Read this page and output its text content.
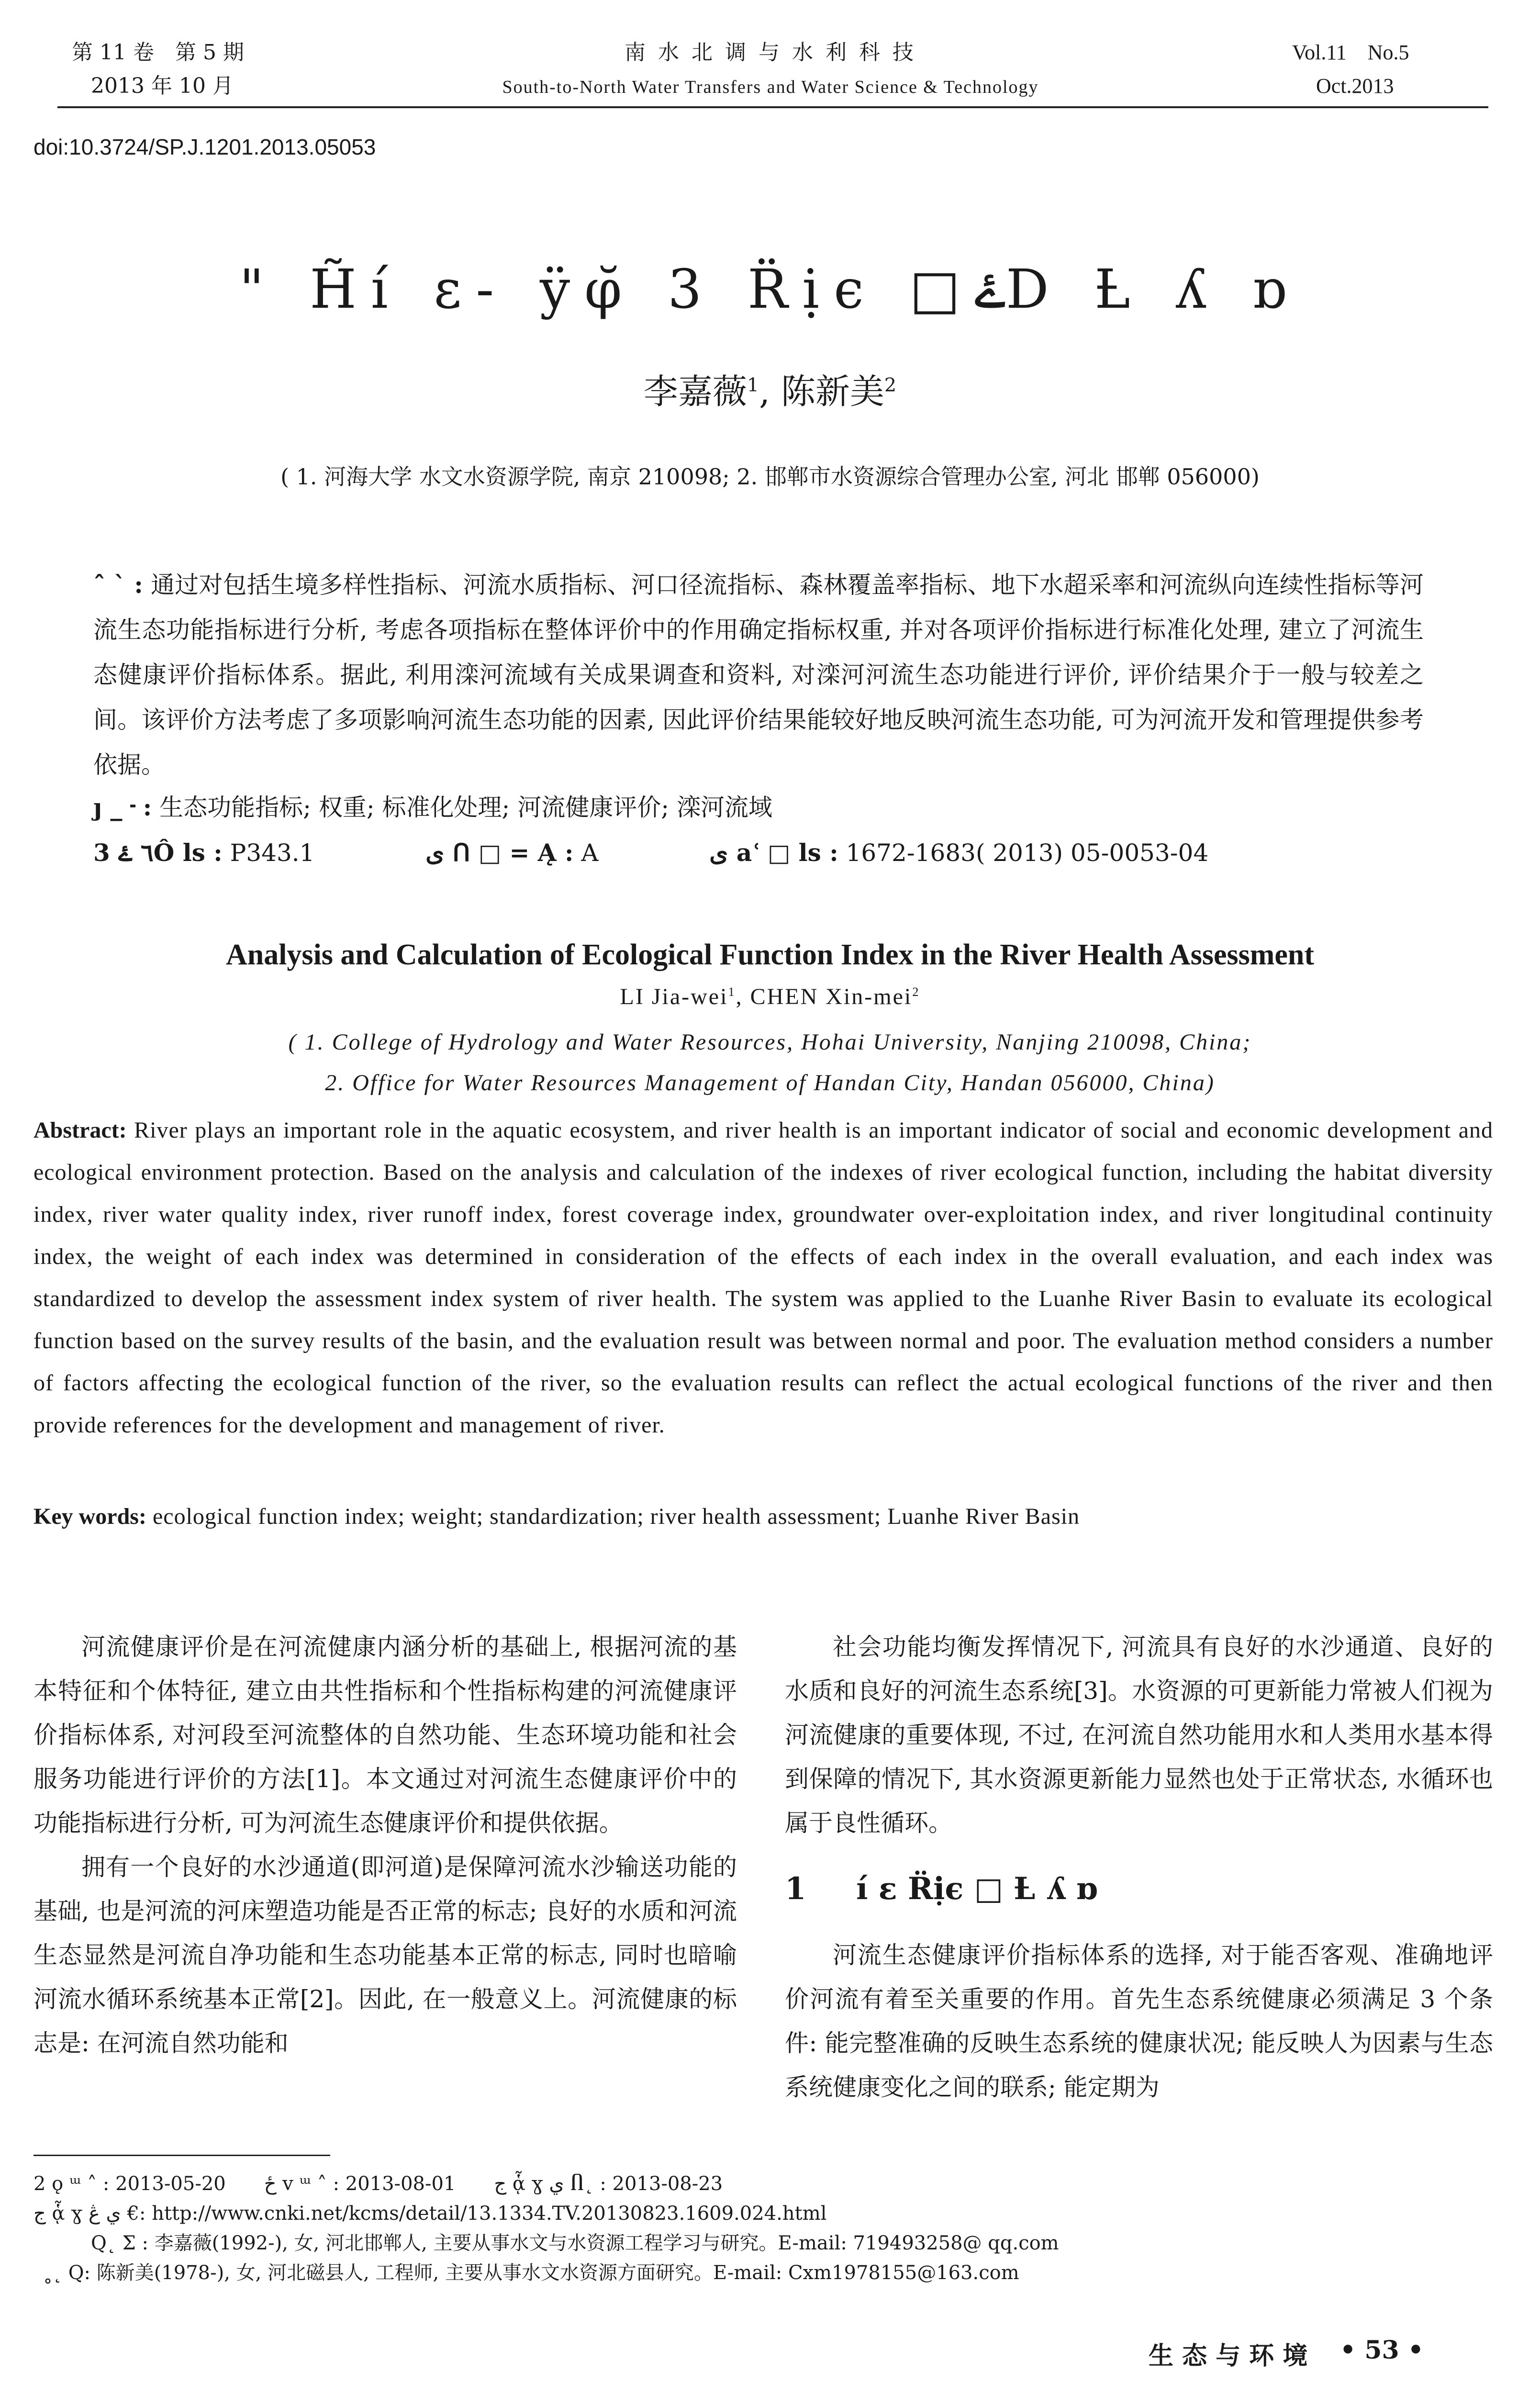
第 11 卷　第 5 期
2013 年 10 月
南 水 北 调 与 水 利 科 技
South-to-North Water Transfers and Water Science & Technology
Vol.11　No.5
Oct.2013
doi:10.3724/SP.J.1201.2013.05053
" H̃í ε‑ ÿφ̆ 3 R̈ịє □ۓD Ƚ ʎ ɒ
李嘉薇$^1$, 陈新美$^2$
( 1. 河海大学 水文水资源学院, 南京 210098; 2. 邯郸市水资源综合管理办公室, 河北 邯郸 056000)
ˆ ˋ : 通过对包括生境多样性指标、河流水质指标、河口径流指标、森林覆盖率指标、地下水超采率和河流纵向连续性指标等河流生态功能指标进行分析, 考虑各项指标在整体评价中的作用确定指标权重, 并对各项评价指标进行标准化处理, 建立了河流生态健康评价指标体系。据此, 利用滦河流域有关成果调查和资料, 对滦河河流生态功能进行评价, 评价结果介于一般与较差之间。该评价方法考虑了多项影响河流生态功能的因素, 因此评价结果能较好地反映河流生态功能, 可为河流开发和管理提供参考依据。
ȷ _ ᠊ : 生态功能指标; 权重; 标准化处理; 河流健康评价; 滦河流域
3 ٦ ۓÔ ls : P343.1	ی ᑎ □ = Ą : A	ی aՙ □ ls : 1672-1683( 2013) 05-0053-04
Analysis and Calculation of Ecological Function Index in the River Health Assessment
LI Jia-wei$^1$, CHEN Xin-mei$^2$
( 1. College of Hydrology and Water Resources, Hohai University, Nanjing 210098, China;
2. Office for Water Resources Management of Handan City, Handan 056000, China)
Abstract: River plays an important role in the aquatic ecosystem, and river health is an important indicator of social and economic development and ecological environment protection. Based on the analysis and calculation of the indexes of river ecological function, including the habitat diversity index, river water quality index, river runoff index, forest coverage index, groundwater over-exploitation index, and river longitudinal continuity index, the weight of each index was determined in consideration of the effects of each index in the overall evaluation, and each index was standardized to develop the assessment index system of river health. The system was applied to the Luanhe River Basin to evaluate its ecological function based on the survey results of the basin, and the evaluation result was between normal and poor. The evaluation method considers a number of factors affecting the ecological function of the river, so the evaluation results can reflect the actual ecological functions of the river and then provide references for the development and management of river.
Key words: ecological function index; weight; standardization; river health assessment; Luanhe River Basin

河流健康评价是在河流健康内涵分析的基础上, 根据河流的基本特征和个体特征, 建立由共性指标和个性指标构建的河流健康评价指标体系, 对河段至河流整体的自然功能、生态环境功能和社会服务功能进行评价的方法[1]。本文通过对河流生态健康评价中的功能指标进行分析, 可为河流生态健康评价和提供依据。

拥有一个良好的水沙通道(即河道)是保障河流水沙输送功能的基础, 也是河流的河床塑造功能是否正常的标志; 良好的水质和河流生态显然是河流自净功能和生态功能基本正常的标志, 同时也暗喻河流水循环系统基本正常[2]。因此, 在一般意义上。河流健康的标志是: 在河流自然功能和

社会功能均衡发挥情况下, 河流具有良好的水沙通道、良好的水质和良好的河流生态系统[3]。水资源的可更新能力常被人们视为河流健康的重要体现, 不过, 在河流自然功能用水和人类用水基本得到保障的情况下, 其水资源更新能力显然也处于正常状态, 水循环也属于良性循环。

1 í ε R̈ịє □ Ƚ ʎ ɒ

河流生态健康评价指标体系的选择, 对于能否客观、准确地评价河流有着至关重要的作用。首先生态系统健康必须满足 3 个条件: 能完整准确的反映生态系统的健康状况; 能反映人为因素与生态系统健康变化之间的联系; 能定期为

2 ǫ ᵚ ˄ : 2013-05-20　　ځ ⅴ ᵚ ˄ : 2013-08-01　　ج ᾇ ɣ ي Ⴖ˛ : 2013-08-23
ج ᾇ ɣ ي ڠ €: http://www.cnki.net/kcms/detail/13.1334.TV.20130823.1609.024.html
Q˛ Σ : 李嘉薇(1992-), 女, 河北邯郸人, 主要从事水文与水资源工程学习与研究。E-mail: 719493258@ qq.com
˳˛ Q: 陈新美(1978-), 女, 河北磁县人, 工程师, 主要从事水文水资源方面研究。E-mail: Cxm1978155@163.com
生 态 与 环 境 • 53 •
